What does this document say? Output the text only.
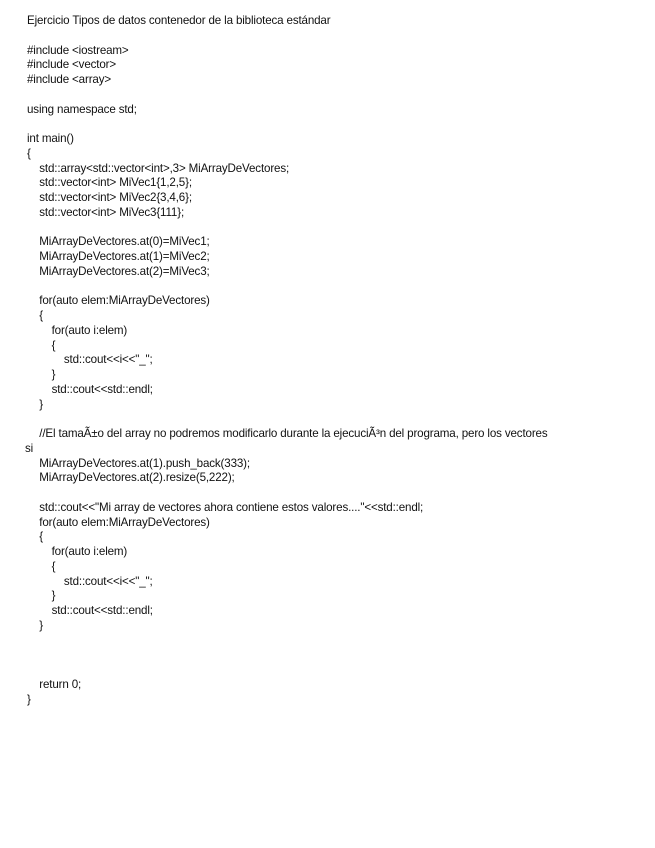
Ejercicio Tipos de datos contenedor de la biblioteca estándar
#include <iostream>
#include <vector>
#include <array>
using namespace std;
int main()
{
std::array<std::vector<int>,3> MiArrayDeVectores;
std::vector<int> MiVec1{1,2,5};
std::vector<int> MiVec2{3,4,6};
std::vector<int> MiVec3{111};
MiArrayDeVectores.at(0)=MiVec1;
MiArrayDeVectores.at(1)=MiVec2;
MiArrayDeVectores.at(2)=MiVec3;
for(auto elem:MiArrayDeVectores)
{
for(auto i:elem)
{
std::cout<<i<<"_";
}
std::cout<<std::endl;
}
//El tamaÃ±o del array no podremos modificarlo durante la ejecuciÃ³n del programa, pero los vectores
si
MiArrayDeVectores.at(1).push_back(333);
MiArrayDeVectores.at(2).resize(5,222);
std::cout<<"Mi array de vectores ahora contiene estos valores...."<<std::endl;
for(auto elem:MiArrayDeVectores)
{
for(auto i:elem)
{
std::cout<<i<<"_";
}
std::cout<<std::endl;
}
return 0;
}
